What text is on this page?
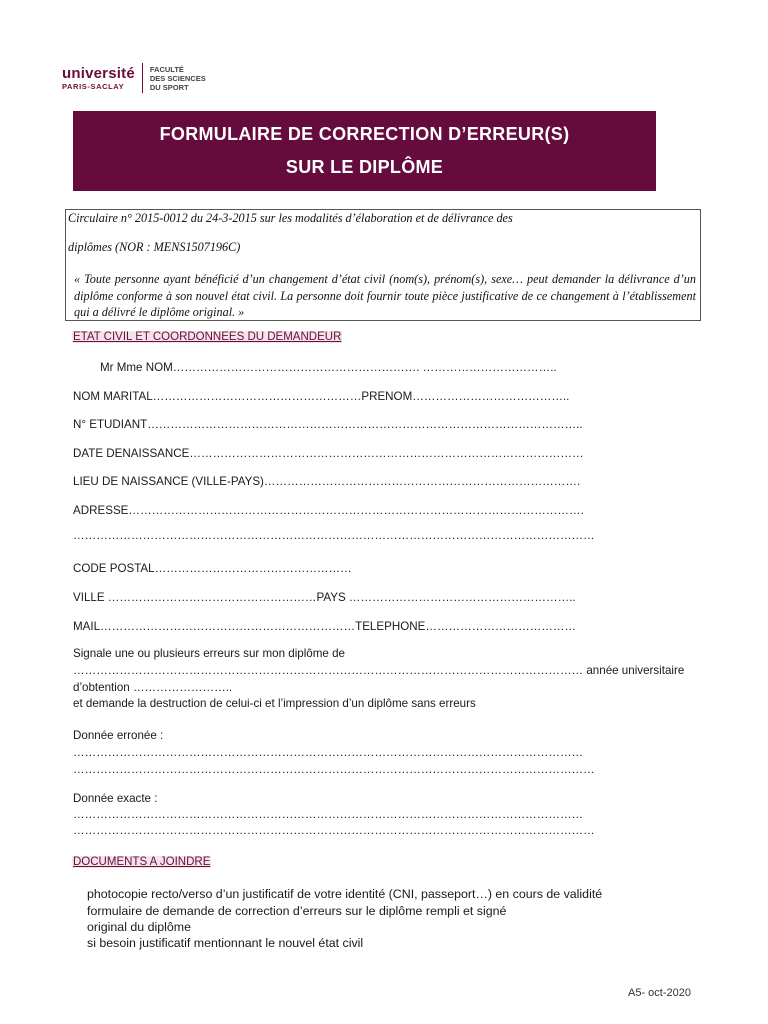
université
PARIS-SACLAY
FACULTÉ
DES SCIENCES
DU SPORT
FORMULAIRE DE CORRECTION D’ERREUR(S)
SUR LE DIPLÔME
Circulaire n° 2015-0012 du 24-3-2015 sur les modalités d’élaboration et de délivrance des
diplômes (NOR : MENS1507196C)
« Toute personne ayant bénéficié d’un changement d’état civil (nom(s), prénom(s), sexe… peut demander la délivrance d’un diplôme conforme à son nouvel état civil. La personne doit fournir toute pièce justificative de ce changement à l’établissement qui a délivré le diplôme original. »
ETAT CIVIL ET COORDONNEES DU DEMANDEUR
Mr Mme NOM………………………………………………………. ……………………………..
NOM MARITAL………………………………………………PRENOM…………………………………..
N° ETUDIANT…………………………………………………………………………………………………..
DATE DENAISSANCE…………………………………………………………………………………………
LIEU DE NAISSANCE (VILLE-PAYS)……………………………………………………………………….
ADRESSE……………………………………………………………………………………………………….
………………………………………………………………………………………………………………………
CODE POSTAL……………………………………………
VILLE ………………………………………………PAYS …………………………………………………..
MAIL…………………………………………………………TELEPHONE…………………………………
Signale une ou plusieurs erreurs sur mon diplôme de
…………………………………………………………………………………………………………………… année universitaire
d’obtention ……………………..
et demande la destruction de celui-ci et l’impression d’un diplôme sans erreurs
Donnée erronée :
……………………………………………………………………………………………………………………
………………………………………………………………………………………………………………………
Donnée exacte :
……………………………………………………………………………………………………………………
………………………………………………………………………………………………………………………
DOCUMENTS A JOINDRE
photocopie recto/verso d’un justificatif de votre identité (CNI, passeport…) en cours de validité
formulaire de demande de correction d’erreurs sur le diplôme rempli et signé
original du diplôme
si besoin justificatif mentionnant le nouvel état civil
A5- oct-2020
